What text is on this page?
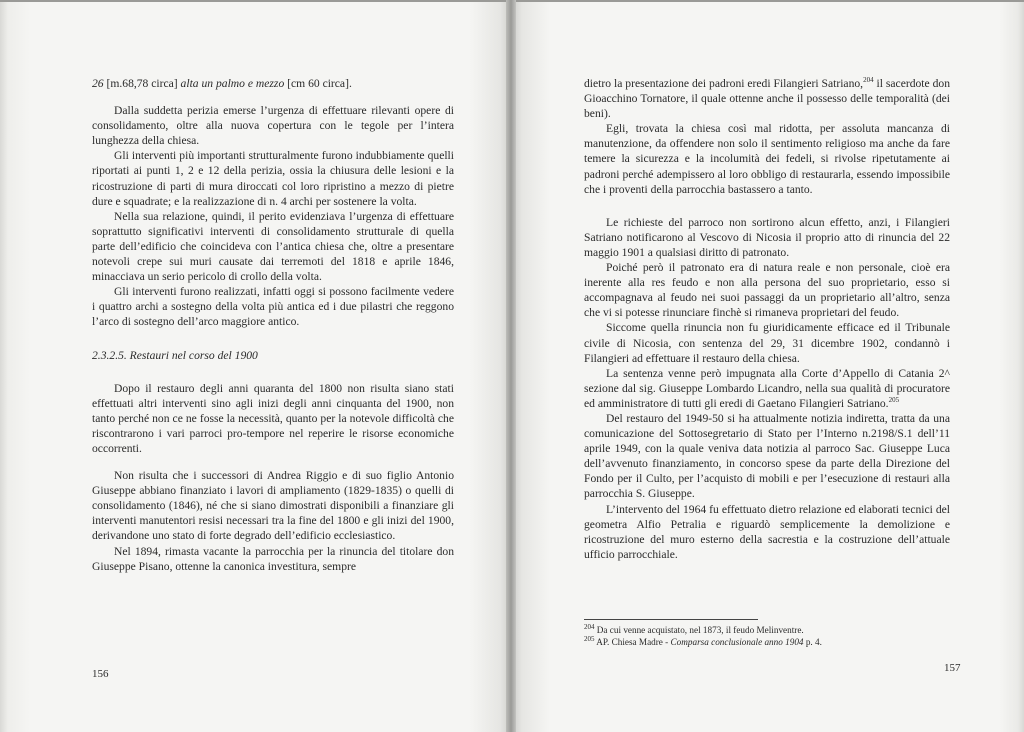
26 [m.68,78 circa] alta un palmo e mezzo [cm 60 circa].

Dalla suddetta perizia emerse l’urgenza di effettuare rilevanti opere di consolidamento, oltre alla nuova copertura con le tegole per l’intera lunghezza della chiesa.

Gli interventi più importanti strutturalmente furono indubbiamente quelli riportati ai punti 1, 2 e 12 della perizia, ossia la chiusura delle lesioni e la ricostruzione di parti di mura diroccati col loro ripristino a mezzo di pietre dure e squadrate; e la realizzazione di n. 4 archi per sostenere la volta.

Nella sua relazione, quindi, il perito evidenziava l’urgenza di effettuare soprattutto significativi interventi di consolidamento strutturale di quella parte dell’edificio che coincideva con l’antica chiesa che, oltre a presentare notevoli crepe sui muri causate dai terremoti del 1818 e aprile 1846, minacciava un serio pericolo di crollo della volta.

Gli interventi furono realizzati, infatti oggi si possono facilmente vedere i quattro archi a sostegno della volta più antica ed i due pilastri che reggono l’arco di sostegno dell’arco maggiore antico.

2.3.2.5. Restauri nel corso del 1900

Dopo il restauro degli anni quaranta del 1800 non risulta siano stati effettuati altri interventi sino agli inizi degli anni cinquanta del 1900, non tanto perché non ce ne fosse la necessità, quanto per la notevole difficoltà che riscontrarono i vari parroci pro-tempore nel reperire le risorse economiche occorrenti.

Non risulta che i successori di Andrea Riggio e di suo figlio Antonio Giuseppe abbiano finanziato i lavori di ampliamento (1829-1835) o quelli di consolidamento (1846), né che si siano dimostrati disponibili a finanziare gli interventi manutentori resisi necessari tra la fine del 1800 e gli inizi del 1900, derivandone uno stato di forte degrado dell’edificio ecclesiastico.

Nel 1894, rimasta vacante la parrocchia per la rinuncia del titolare don Giuseppe Pisano, ottenne la canonica investitura, sempre

156

dietro la presentazione dei padroni eredi Filangieri Satriano,$^{204}$ il sacerdote don Gioacchino Tornatore, il quale ottenne anche il possesso delle temporalità (dei beni).

Egli, trovata la chiesa così mal ridotta, per assoluta mancanza di manutenzione, da offendere non solo il sentimento religioso ma anche da fare temere la sicurezza e la incolumità dei fedeli, si rivolse ripetutamente ai padroni perché adempissero al loro obbligo di restaurarla, essendo impossibile che i proventi della parrocchia bastassero a tanto.

Le richieste del parroco non sortirono alcun effetto, anzi, i Filangieri Satriano notificarono al Vescovo di Nicosia il proprio atto di rinuncia del 22 maggio 1901 a qualsiasi diritto di patronato.

Poiché però il patronato era di natura reale e non personale, cioè era inerente alla res feudo e non alla persona del suo proprietario, esso si accompagnava al feudo nei suoi passaggi da un proprietario all’altro, senza che vi si potesse rinunciare finchè si rimaneva proprietari del feudo.

Siccome quella rinuncia non fu giuridicamente efficace ed il Tribunale civile di Nicosia, con sentenza del 29, 31 dicembre 1902, condannò i Filangieri ad effettuare il restauro della chiesa.

La sentenza venne però impugnata alla Corte d’Appello di Catania 2^ sezione dal sig. Giuseppe Lombardo Licandro, nella sua qualità di procuratore ed amministratore di tutti gli eredi di Gaetano Filangieri Satriano.$^{205}$

Del restauro del 1949-50 si ha attualmente notizia indiretta, tratta da una comunicazione del Sottosegretario di Stato per l’Interno n.2198/S.1 dell’11 aprile 1949, con la quale veniva data notizia al parroco Sac. Giuseppe Luca dell’avvenuto finanziamento, in concorso spese da parte della Direzione del Fondo per il Culto, per l’acquisto di mobili e per l’esecuzione di restauri alla parrocchia S. Giuseppe.

L’intervento del 1964 fu effettuato dietro relazione ed elaborati tecnici del geometra Alfio Petralia e riguardò semplicemente la demolizione e ricostruzione del muro esterno della sacrestia e la costruzione dell’attuale ufficio parrocchiale.

$^{204}$ Da cui venne acquistato, nel 1873, il feudo Melinventre.
$^{205}$ AP. Chiesa Madre - Comparsa conclusionale anno 1904 p. 4.
157
